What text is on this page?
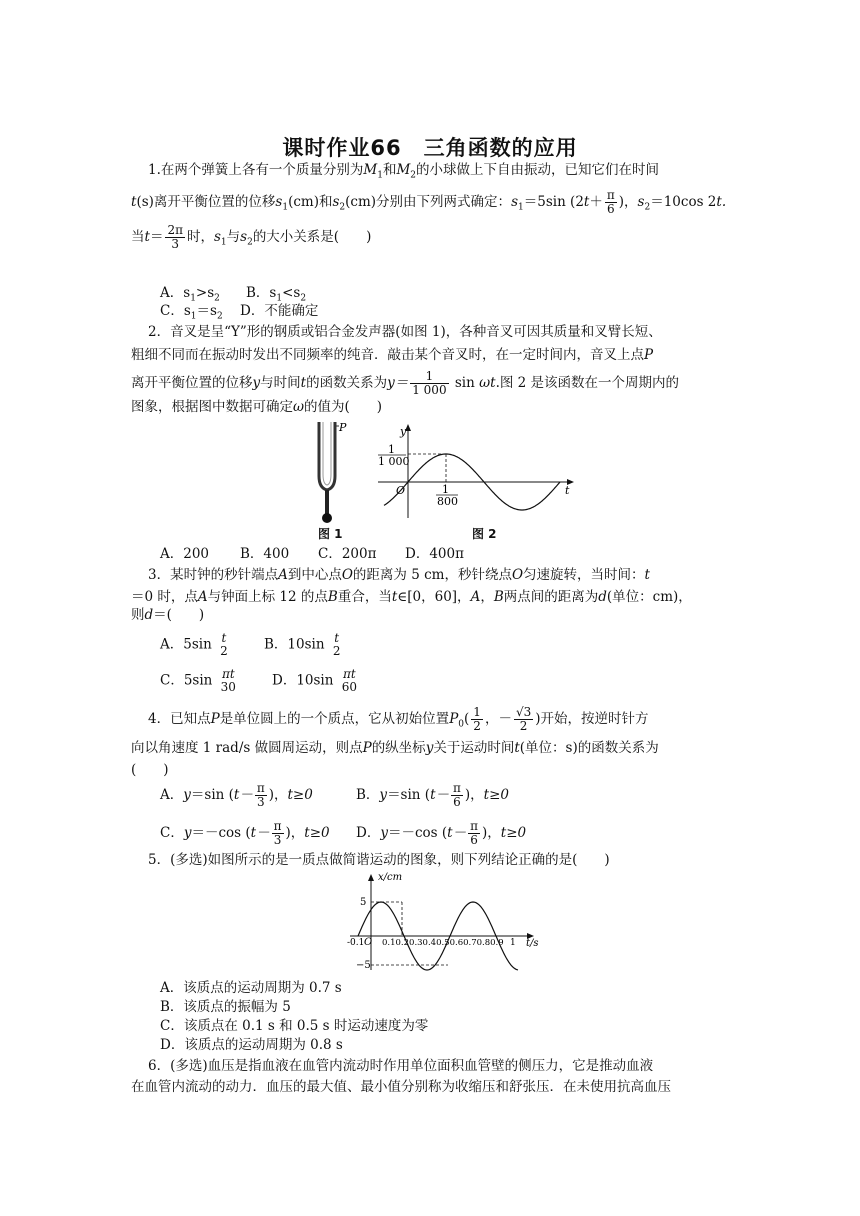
课时作业66　三角函数的应用
1.在两个弹簧上各有一个质量分别为$M_1$和$M_2$的小球做上下自由振动，已知它们在时间
t(s)离开平衡位置的位移$s_1(cm)$和$s_2(cm)$分别由下列两式确定：$s_1=5\sin$ ($2t+ \frac{\pi}{6}$ )，$s_2=10\cos$ 2t.
当$t= \frac{2\pi}{3}$ 时，$s_1$与$s_2$的大小关系是(　　)
A．$s_1>s_2$ B．$s_1<s_2$
C．$s_1=s_2$ D．不能确定
2．音叉是呈“Y”形的钢质或铝合金发声器(如图 1)，各种音叉可因其质量和叉臂长短、
粗细不同而在振动时发出不同频率的纯音．敲击某个音叉时，在一定时间内，音叉上点P
离开平衡位置的位移y与时间t的函数关系为$y= \frac{1}{1 000}$ sin ωt.图 2 是该函数在一个周期内的
图象，根据图中数据可确定ω的值为(　　)
P
图 1
y
t
O
1
1 000
1
800
图 2
A．200 B．400 C．200π D．400π
3．某时钟的秒针端点A到中心点O的距离为 5 cm，秒针绕点O匀速旋转，当时间：t
＝0 时，点A与钟面上标 12 的点B重合，当t∈[0，60]，A，B两点间的距离为d(单位：cm)，
则d＝(　　)
A．5sin t
2	B．10sin t
2
C．5sin πt
30	D．10sin πt
60
4．已知点P是单位圆上的一个质点，它从初始位置$P_0( \frac{1}{2}$ ，－ $\frac{√3}{2}$ )开始，按逆时针方
向以角速度 1 rad/s 做圆周运动，则点P的纵坐标y关于运动时间t(单位：s)的函数关系为
(　　)
A．y＝sin ($t- \frac{\pi}{3}$ )，t≥0	B．y＝sin ($t- \frac{\pi}{6}$ )，t≥0
C．y＝－cos ($t- \frac{\pi}{3}$ )，t≥0 D．y＝－cos ($t- \frac{\pi}{6}$ )，t≥0
5．(多选)如图所示的是一质点做简谐运动的图象，则下列结论正确的是(　　)
x/cm
t/s
5
−5
-0.1 O 0.10.20.30.40.50.60.70.80.9 1
A．该质点的运动周期为 0.7 s
B．该质点的振幅为 5
C．该质点在 0.1 s 和 0.5 s 时运动速度为零
D．该质点的运动周期为 0.8 s
6．(多选)血压是指血液在血管内流动时作用单位面积血管壁的侧压力，它是推动血液
在血管内流动的动力．血压的最大值、最小值分别称为收缩压和舒张压．在未使用抗高血压
